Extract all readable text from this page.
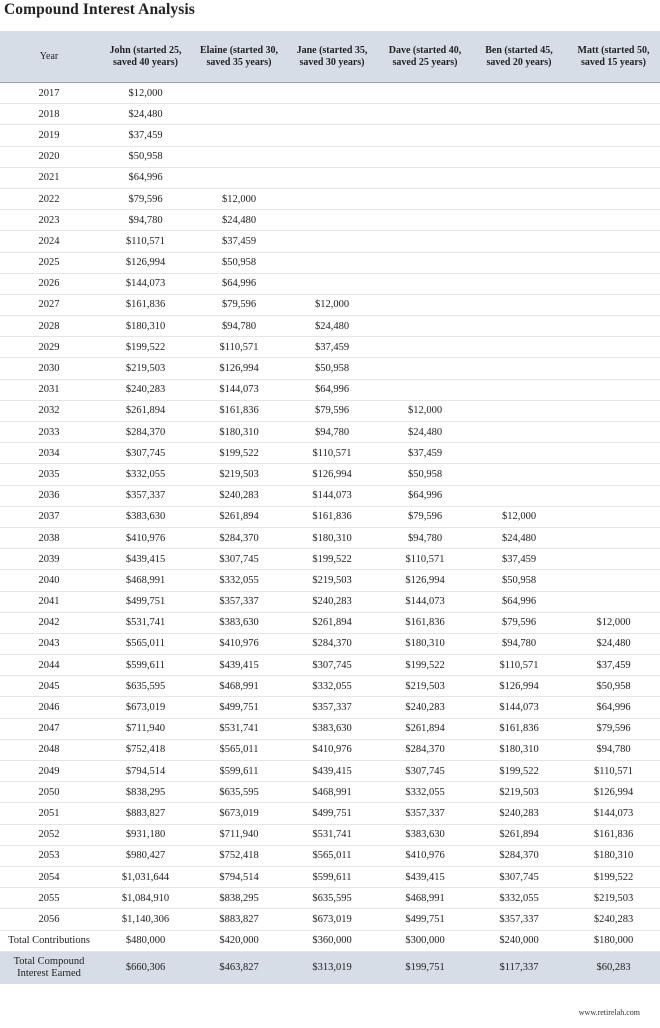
Compound Interest Analysis
Year	John (started 25, saved 40 years)	Elaine (started 30, saved 35 years)	Jane (started 35, saved 30 years)	Dave (started 40, saved 25 years)	Ben (started 45, saved 20 years)	Matt (started 50, saved 15 years)
2017	$12,000					
2018	$24,480					
2019	$37,459					
2020	$50,958					
2021	$64,996					
2022	$79,596	$12,000				
2023	$94,780	$24,480				
2024	$110,571	$37,459				
2025	$126,994	$50,958				
2026	$144,073	$64,996				
2027	$161,836	$79,596	$12,000			
2028	$180,310	$94,780	$24,480			
2029	$199,522	$110,571	$37,459			
2030	$219,503	$126,994	$50,958			
2031	$240,283	$144,073	$64,996			
2032	$261,894	$161,836	$79,596	$12,000		
2033	$284,370	$180,310	$94,780	$24,480		
2034	$307,745	$199,522	$110,571	$37,459		
2035	$332,055	$219,503	$126,994	$50,958		
2036	$357,337	$240,283	$144,073	$64,996		
2037	$383,630	$261,894	$161,836	$79,596	$12,000	
2038	$410,976	$284,370	$180,310	$94,780	$24,480	
2039	$439,415	$307,745	$199,522	$110,571	$37,459	
2040	$468,991	$332,055	$219,503	$126,994	$50,958	
2041	$499,751	$357,337	$240,283	$144,073	$64,996	
2042	$531,741	$383,630	$261,894	$161,836	$79,596	$12,000
2043	$565,011	$410,976	$284,370	$180,310	$94,780	$24,480
2044	$599,611	$439,415	$307,745	$199,522	$110,571	$37,459
2045	$635,595	$468,991	$332,055	$219,503	$126,994	$50,958
2046	$673,019	$499,751	$357,337	$240,283	$144,073	$64,996
2047	$711,940	$531,741	$383,630	$261,894	$161,836	$79,596
2048	$752,418	$565,011	$410,976	$284,370	$180,310	$94,780
2049	$794,514	$599,611	$439,415	$307,745	$199,522	$110,571
2050	$838,295	$635,595	$468,991	$332,055	$219,503	$126,994
2051	$883,827	$673,019	$499,751	$357,337	$240,283	$144,073
2052	$931,180	$711,940	$531,741	$383,630	$261,894	$161,836
2053	$980,427	$752,418	$565,011	$410,976	$284,370	$180,310
2054	$1,031,644	$794,514	$599,611	$439,415	$307,745	$199,522
2055	$1,084,910	$838,295	$635,595	$468,991	$332,055	$219,503
2056	$1,140,306	$883,827	$673,019	$499,751	$357,337	$240,283
Total Contributions	$480,000	$420,000	$360,000	$300,000	$240,000	$180,000
Total Compound Interest Earned	$660,306	$463,827	$313,019	$199,751	$117,337	$60,283
www.retirelah.com
